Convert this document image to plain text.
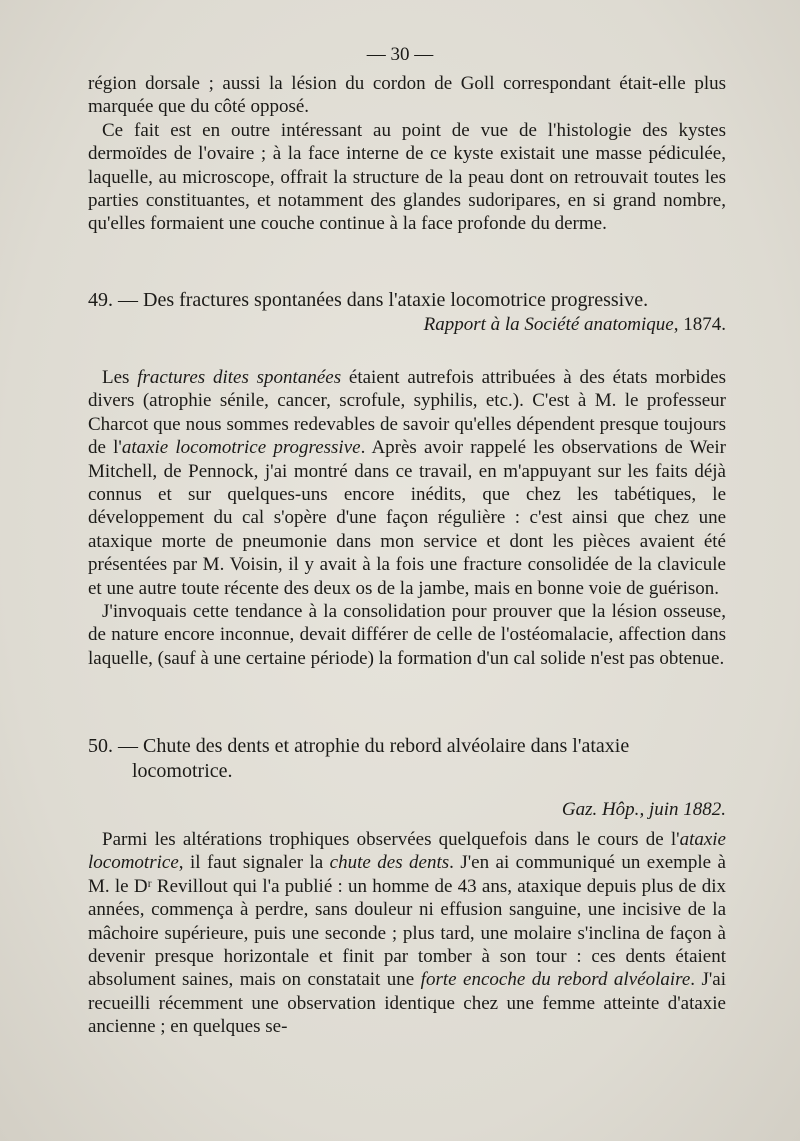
— 30 —

région dorsale ; aussi la lésion du cordon de Goll correspondant était-elle plus marquée que du côté opposé.

Ce fait est en outre intéressant au point de vue de l'histologie des kystes dermoïdes de l'ovaire ; à la face interne de ce kyste existait une masse pédiculée, laquelle, au microscope, offrait la structure de la peau dont on retrouvait toutes les parties constituantes, et notamment des glandes sudoripares, en si grand nombre, qu'elles formaient une couche continue à la face profonde du derme.

49. — Des fractures spontanées dans l'ataxie locomotrice progressive.

Rapport à la Société anatomique, 1874.

Les fractures dites spontanées étaient autrefois attribuées à des états morbides divers (atrophie sénile, cancer, scrofule, syphilis, etc.). C'est à M. le professeur Charcot que nous sommes redevables de savoir qu'elles dépendent presque toujours de l'ataxie locomotrice progressive. Après avoir rappelé les observations de Weir Mitchell, de Pennock, j'ai montré dans ce travail, en m'appuyant sur les faits déjà connus et sur quelques-uns encore inédits, que chez les tabétiques, le développement du cal s'opère d'une façon régulière : c'est ainsi que chez une ataxique morte de pneumonie dans mon service et dont les pièces avaient été présentées par M. Voisin, il y avait à la fois une fracture consolidée de la clavicule et une autre toute récente des deux os de la jambe, mais en bonne voie de guérison.

J'invoquais cette tendance à la consolidation pour prouver que la lésion osseuse, de nature encore inconnue, devait différer de celle de l'ostéomalacie, affection dans laquelle, (sauf à une certaine période) la formation d'un cal solide n'est pas obtenue.

50. — Chute des dents et atrophie du rebord alvéolaire dans l'ataxie locomotrice.

Gaz. Hôp., juin 1882.

Parmi les altérations trophiques observées quelquefois dans le cours de l'ataxie locomotrice, il faut signaler la chute des dents. J'en ai communiqué un exemple à M. le Dʳ Revillout qui l'a publié : un homme de 43 ans, ataxique depuis plus de dix années, commença à perdre, sans douleur ni effusion sanguine, une incisive de la mâchoire supérieure, puis une seconde ; plus tard, une molaire s'inclina de façon à devenir presque horizontale et finit par tomber à son tour : ces dents étaient absolument saines, mais on constatait une forte encoche du rebord alvéolaire. J'ai recueilli récemment une observation identique chez une femme atteinte d'ataxie ancienne ; en quelques se-
